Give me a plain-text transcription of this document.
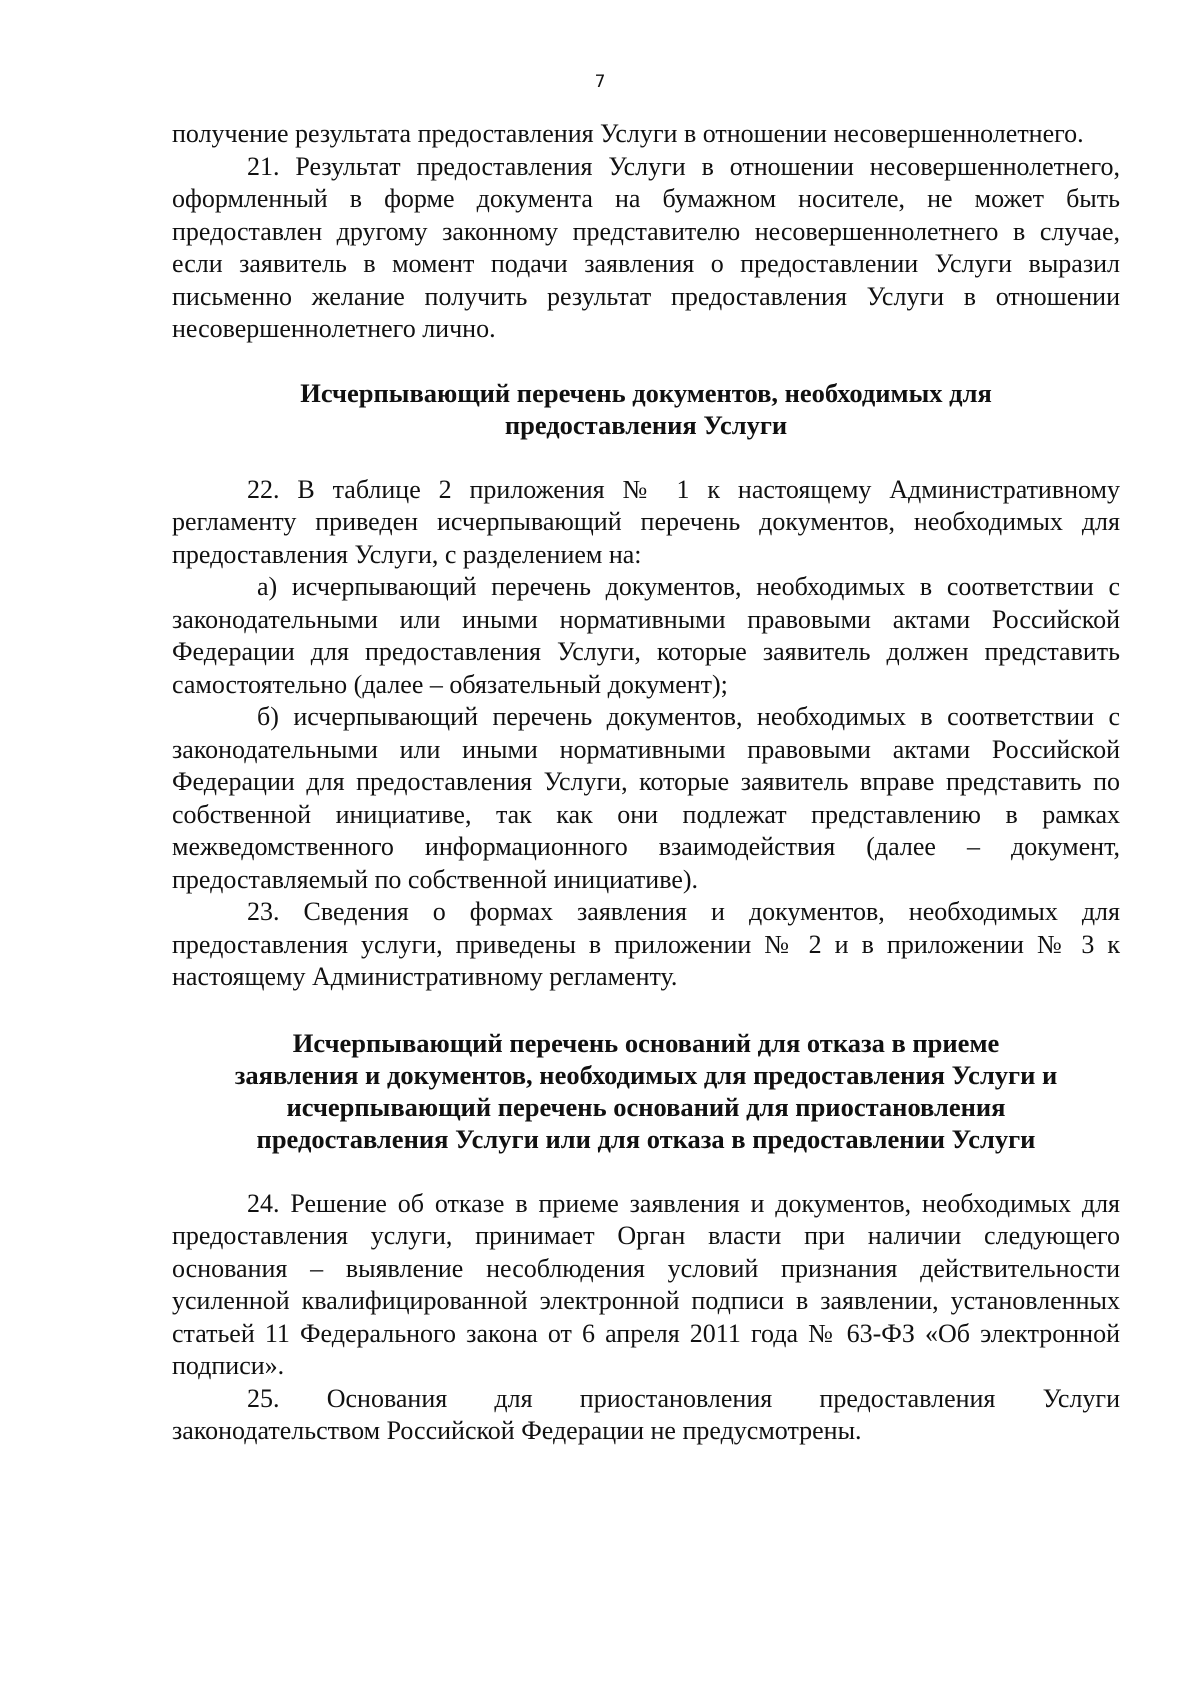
7

получение результата предоставления Услуги в отношении несовершеннолетнего.

21. Результат предоставления Услуги в отношении несовершеннолетнего, оформленный в форме документа на бумажном носителе, не может быть предоставлен другому законному представителю несовершеннолетнего в случае, если заявитель в момент подачи заявления о предоставлении Услуги выразил письменно желание получить результат предоставления Услуги в отношении несовершеннолетнего лично.

Исчерпывающий перечень документов, необходимых для
предоставления Услуги

22. В таблице 2 приложения № 1 к настоящему Административному регламенту приведен исчерпывающий перечень документов, необходимых для предоставления Услуги, с разделением на:

а) исчерпывающий перечень документов, необходимых в соответствии с законодательными или иными нормативными правовыми актами Российской Федерации для предоставления Услуги, которые заявитель должен представить самостоятельно (далее – обязательный документ);

б) исчерпывающий перечень документов, необходимых в соответствии с законодательными или иными нормативными правовыми актами Российской Федерации для предоставления Услуги, которые заявитель вправе представить по собственной инициативе, так как они подлежат представлению в рамках межведомственного информационного взаимодействия (далее – документ, предоставляемый по собственной инициативе).

23. Сведения о формах заявления и документов, необходимых для предоставления услуги, приведены в приложении № 2 и в приложении № 3 к настоящему Административному регламенту.

Исчерпывающий перечень оснований для отказа в приеме
заявления и документов, необходимых для предоставления Услуги и
исчерпывающий перечень оснований для приостановления
предоставления Услуги или для отказа в предоставлении Услуги

24. Решение об отказе в приеме заявления и документов, необходимых для предоставления услуги, принимает Орган власти при наличии следующего основания – выявление несоблюдения условий признания действительности усиленной квалифицированной электронной подписи в заявлении, установленных статьей 11 Федерального закона от 6 апреля 2011 года № 63-ФЗ «Об электронной подписи».

25. Основания для приостановления предоставления Услуги законодательством Российской Федерации не предусмотрены.
